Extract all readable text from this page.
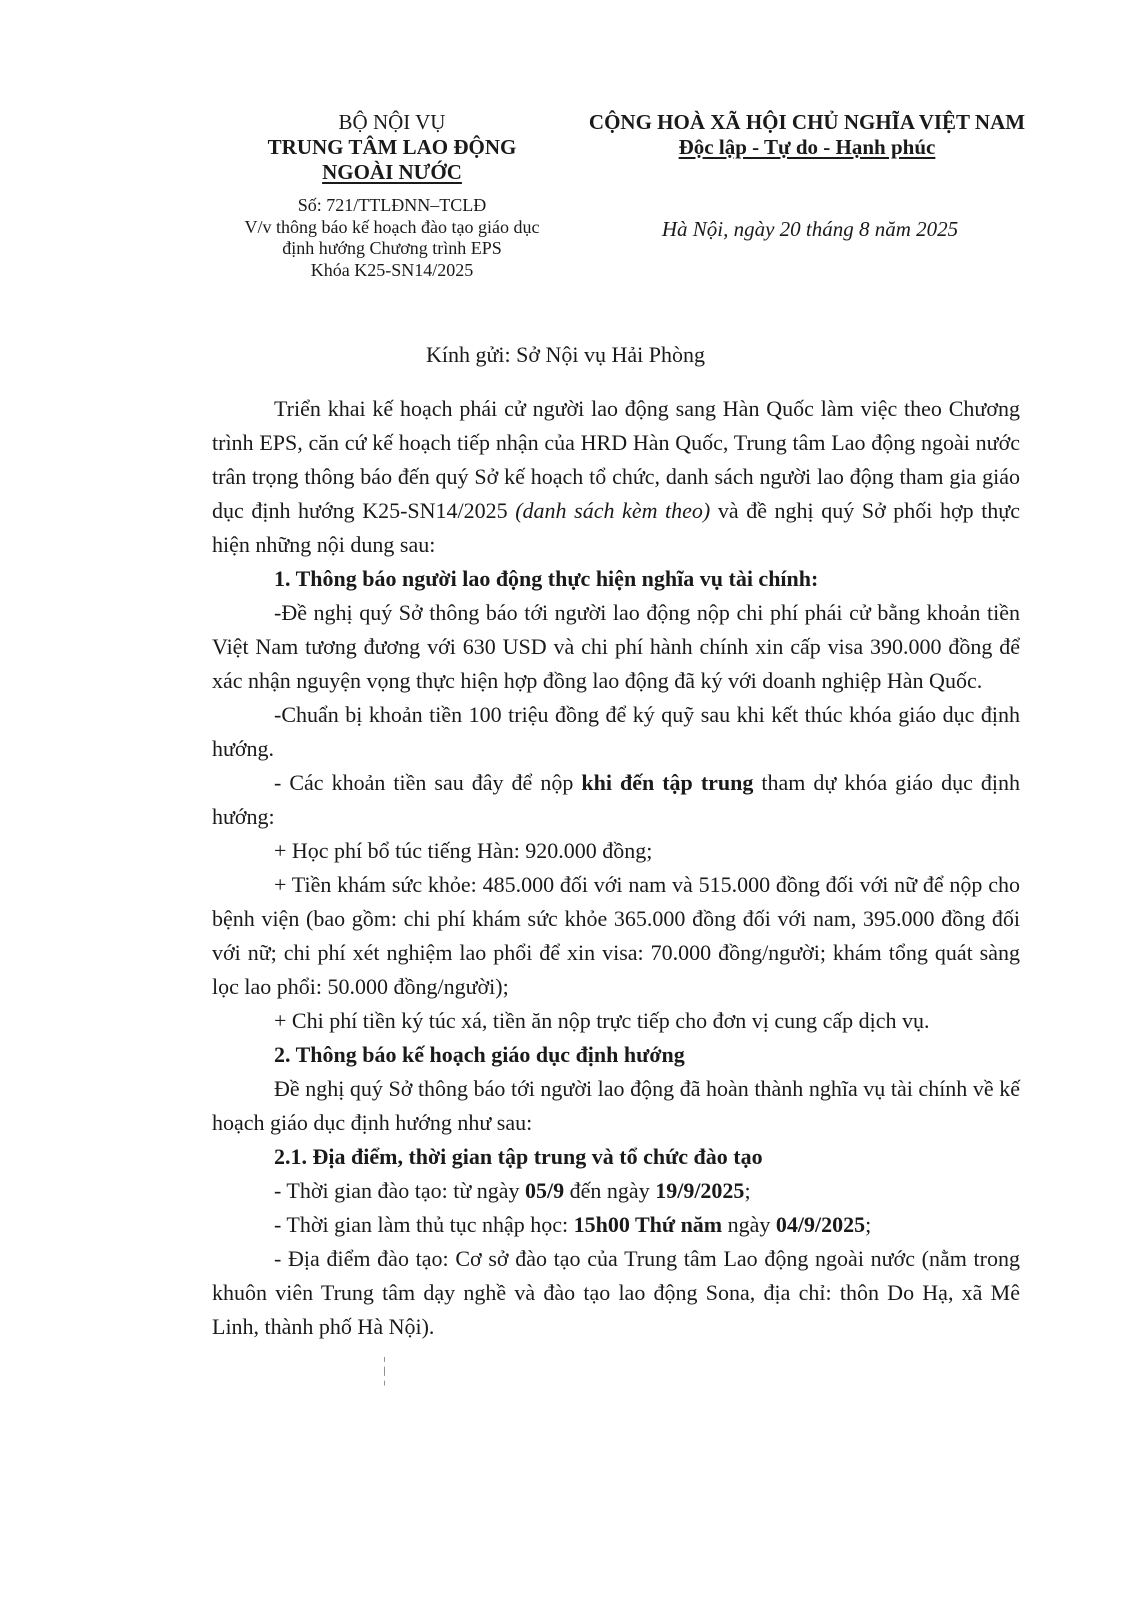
BỘ NỘI VỤ
TRUNG TÂM LAO ĐỘNG
NGOÀI NƯỚC
Số: 721/TTLĐNN–TCLĐ
V/v thông báo kế hoạch đào tạo giáo dục
định hướng Chương trình EPS
Khóa K25-SN14/2025
CỘNG HOÀ XÃ HỘI CHỦ NGHĨA VIỆT NAM
Độc lập - Tự do - Hạnh phúc
Hà Nội, ngày 20 tháng 8 năm 2025
Kính gửi: Sở Nội vụ Hải Phòng

Triển khai kế hoạch phái cử người lao động sang Hàn Quốc làm việc theo Chương trình EPS, căn cứ kế hoạch tiếp nhận của HRD Hàn Quốc, Trung tâm Lao động ngoài nước trân trọng thông báo đến quý Sở kế hoạch tổ chức, danh sách người lao động tham gia giáo dục định hướng K25-SN14/2025 (danh sách kèm theo) và đề nghị quý Sở phối hợp thực hiện những nội dung sau:

1. Thông báo người lao động thực hiện nghĩa vụ tài chính:

-Đề nghị quý Sở thông báo tới người lao động nộp chi phí phái cử bằng khoản tiền Việt Nam tương đương với 630 USD và chi phí hành chính xin cấp visa 390.000 đồng để xác nhận nguyện vọng thực hiện hợp đồng lao động đã ký với doanh nghiệp Hàn Quốc.

-Chuẩn bị khoản tiền 100 triệu đồng để ký quỹ sau khi kết thúc khóa giáo dục định hướng.

- Các khoản tiền sau đây để nộp khi đến tập trung tham dự khóa giáo dục định hướng:

+ Học phí bổ túc tiếng Hàn: 920.000 đồng;

+ Tiền khám sức khỏe: 485.000 đối với nam và 515.000 đồng đối với nữ để nộp cho bệnh viện (bao gồm: chi phí khám sức khỏe 365.000 đồng đối với nam, 395.000 đồng đối với nữ; chi phí xét nghiệm lao phổi để xin visa: 70.000 đồng/người; khám tổng quát sàng lọc lao phổi: 50.000 đồng/người);

+ Chi phí tiền ký túc xá, tiền ăn nộp trực tiếp cho đơn vị cung cấp dịch vụ.

2. Thông báo kế hoạch giáo dục định hướng

Đề nghị quý Sở thông báo tới người lao động đã hoàn thành nghĩa vụ tài chính về kế hoạch giáo dục định hướng như sau:

2.1. Địa điểm, thời gian tập trung và tổ chức đào tạo

- Thời gian đào tạo: từ ngày 05/9 đến ngày 19/9/2025;

- Thời gian làm thủ tục nhập học: 15h00 Thứ năm ngày 04/9/2025;

- Địa điểm đào tạo: Cơ sở đào tạo của Trung tâm Lao động ngoài nước (nằm trong khuôn viên Trung tâm dạy nghề và đào tạo lao động Sona, địa chỉ: thôn Do Hạ, xã Mê Linh, thành phố Hà Nội).

¦
¦
